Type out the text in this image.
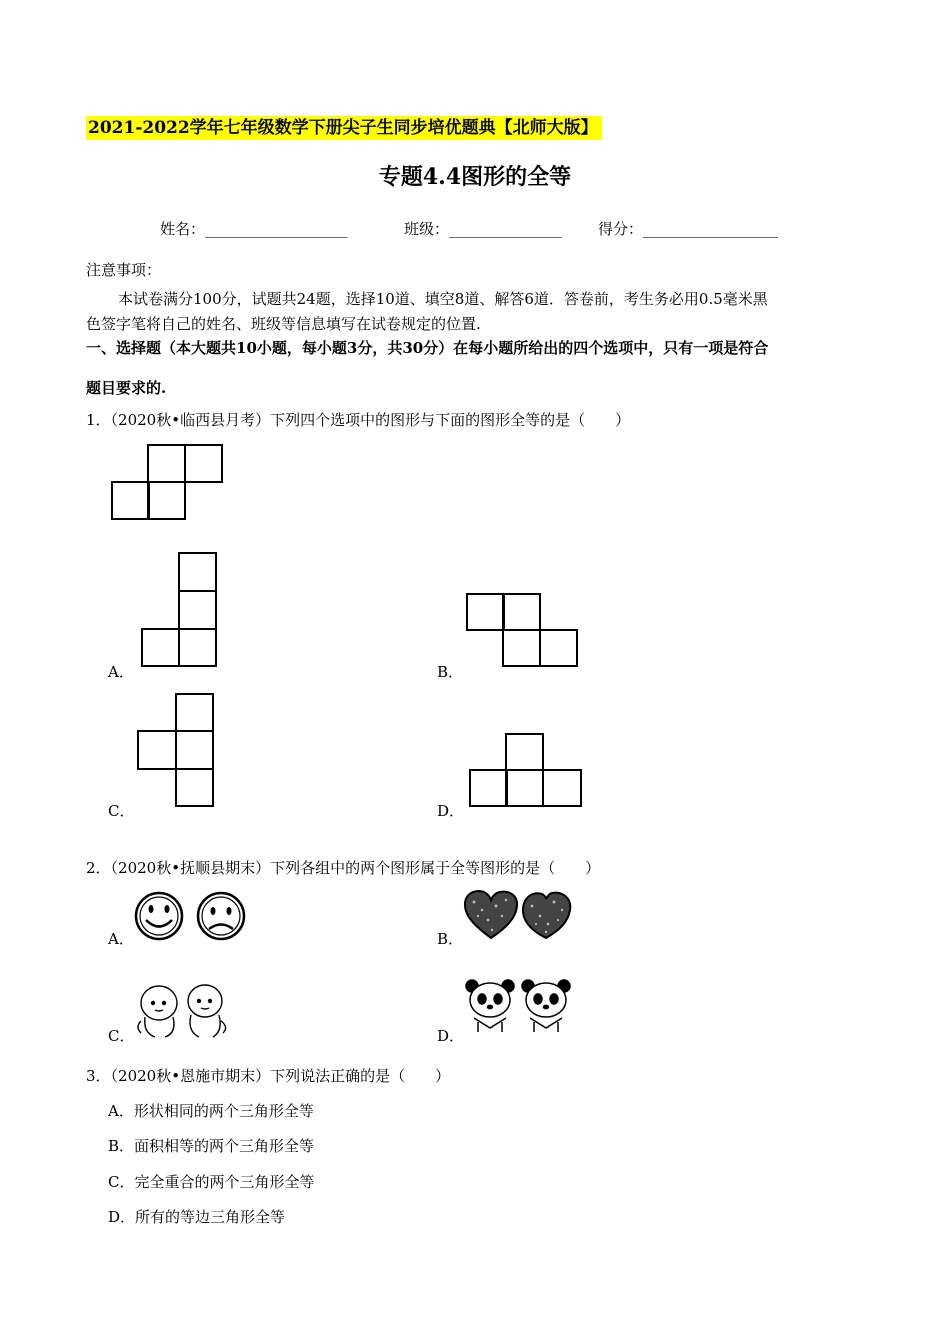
2021-2022学年七年级数学下册尖子生同步培优题典【北师大版】
专题4.4图形的全等
姓名：___________________	班级：_______________ 得分：__________________
注意事项：
本试卷满分100分，试题共24题，选择10道、填空8道、解答6道．答卷前，考生务必用0.5毫米黑
色签字笔将自己的姓名、班级等信息填写在试卷规定的位置.
一、选择题（本大题共10小题，每小题3分，共30分）在每小题所给出的四个选项中，只有一项是符合
题目要求的.
1．（2020秋•临西县月考）下列四个选项中的图形与下面的图形全等的是（　　）
A．	B．
C．	D．
2．（2020秋•抚顺县期末）下列各组中的两个图形属于全等图形的是（　　）
A．	B．
C．	D．
3．（2020秋•恩施市期末）下列说法正确的是（　　）
A．形状相同的两个三角形全等
B．面积相等的两个三角形全等
C．完全重合的两个三角形全等
D．所有的等边三角形全等
